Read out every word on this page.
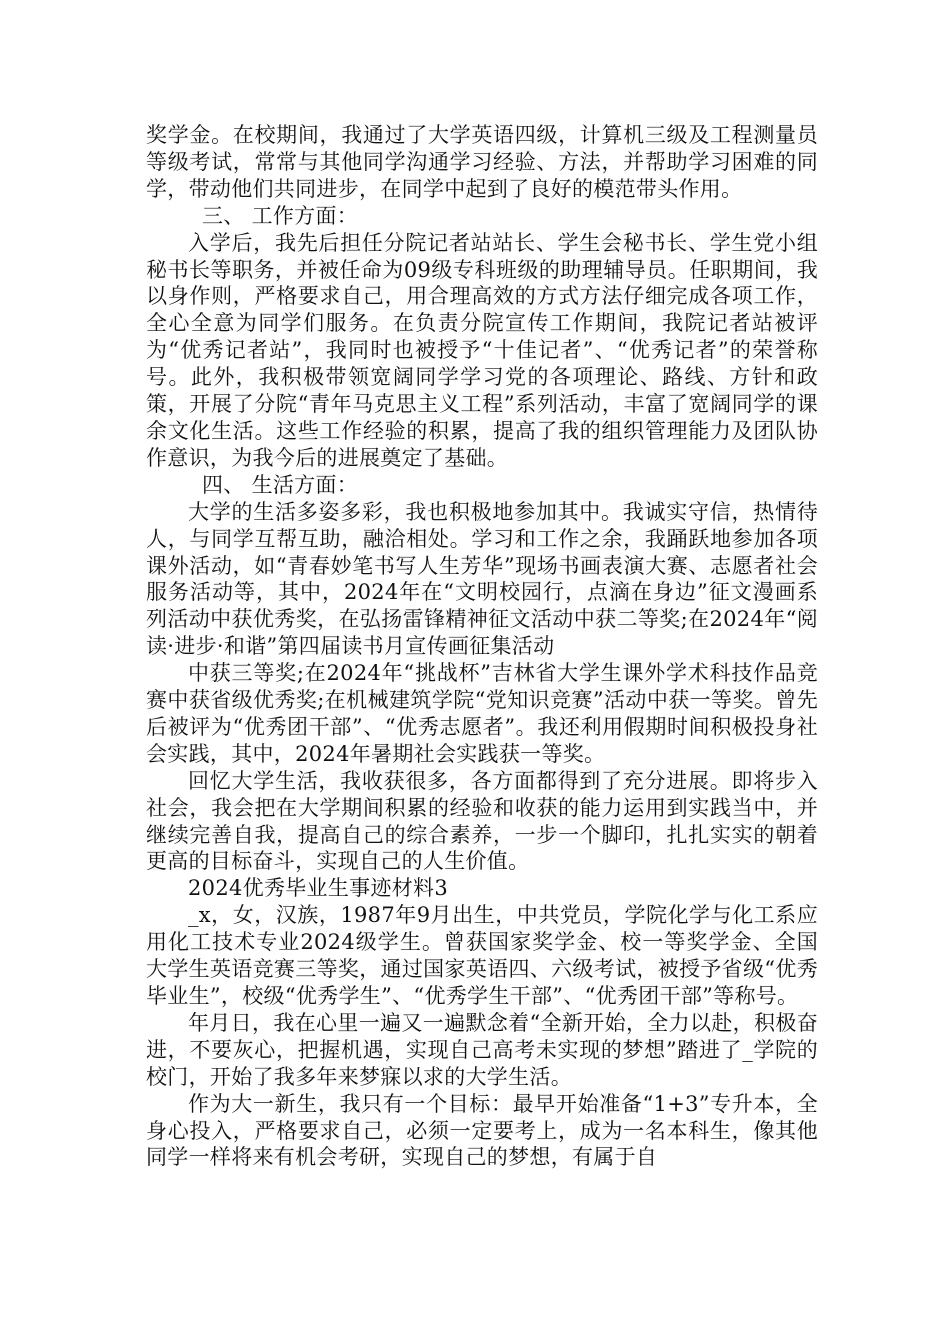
奖学金。在校期间，我通过了大学英语四级，计算机三级及工程测量员等级考试，常常与其他同学沟通学习经验、方法，并帮助学习困难的同学，带动他们共同进步，在同学中起到了良好的模范带头作用。

三、 工作方面：

入学后，我先后担任分院记者站站长、学生会秘书长、学生党小组秘书长等职务，并被任命为09级专科班级的助理辅导员。任职期间，我以身作则，严格要求自己，用合理高效的方式方法仔细完成各项工作，全心全意为同学们服务。在负责分院宣传工作期间，我院记者站被评为“优秀记者站”，我同时也被授予“十佳记者”、“优秀记者”的荣誉称号。此外，我积极带领宽阔同学学习党的各项理论、路线、方针和政策，开展了分院“青年马克思主义工程”系列活动，丰富了宽阔同学的课余文化生活。这些工作经验的积累，提高了我的组织管理能力及团队协作意识，为我今后的进展奠定了基础。

四、 生活方面：

大学的生活多姿多彩，我也积极地参加其中。我诚实守信，热情待人，与同学互帮互助，融洽相处。学习和工作之余，我踊跃地参加各项课外活动，如“青春妙笔书写人生芳华”现场书画表演大赛、志愿者社会服务活动等，其中，2024年在“文明校园行，点滴在身边”征文漫画系列活动中获优秀奖，在弘扬雷锋精神征文活动中获二等奖;在2024年“阅读·进步·和谐”第四届读书月宣传画征集活动

中获三等奖;在2024年“挑战杯”吉林省大学生课外学术科技作品竞赛中获省级优秀奖;在机械建筑学院“党知识竞赛”活动中获一等奖。曾先后被评为“优秀团干部”、“优秀志愿者”。我还利用假期时间积极投身社会实践，其中，2024年暑期社会实践获一等奖。

回忆大学生活，我收获很多，各方面都得到了充分进展。即将步入社会，我会把在大学期间积累的经验和收获的能力运用到实践当中，并继续完善自我，提高自己的综合素养，一步一个脚印，扎扎实实的朝着更高的目标奋斗，实现自己的人生价值。

2024优秀毕业生事迹材料3

_x，女，汉族，1987年9月出生，中共党员，学院化学与化工系应用化工技术专业2024级学生。曾获国家奖学金、校一等奖学金、全国大学生英语竞赛三等奖，通过国家英语四、六级考试，被授予省级“优秀毕业生”，校级“优秀学生”、“优秀学生干部”、“优秀团干部”等称号。

年月日，我在心里一遍又一遍默念着“全新开始，全力以赴，积极奋进，不要灰心，把握机遇，实现自己高考未实现的梦想”踏进了_学院的校门，开始了我多年来梦寐以求的大学生活。

作为大一新生，我只有一个目标：最早开始准备“1+3”专升本，全身心投入，严格要求自己，必须一定要考上，成为一名本科生，像其他同学一样将来有机会考研，实现自己的梦想，有属于自
